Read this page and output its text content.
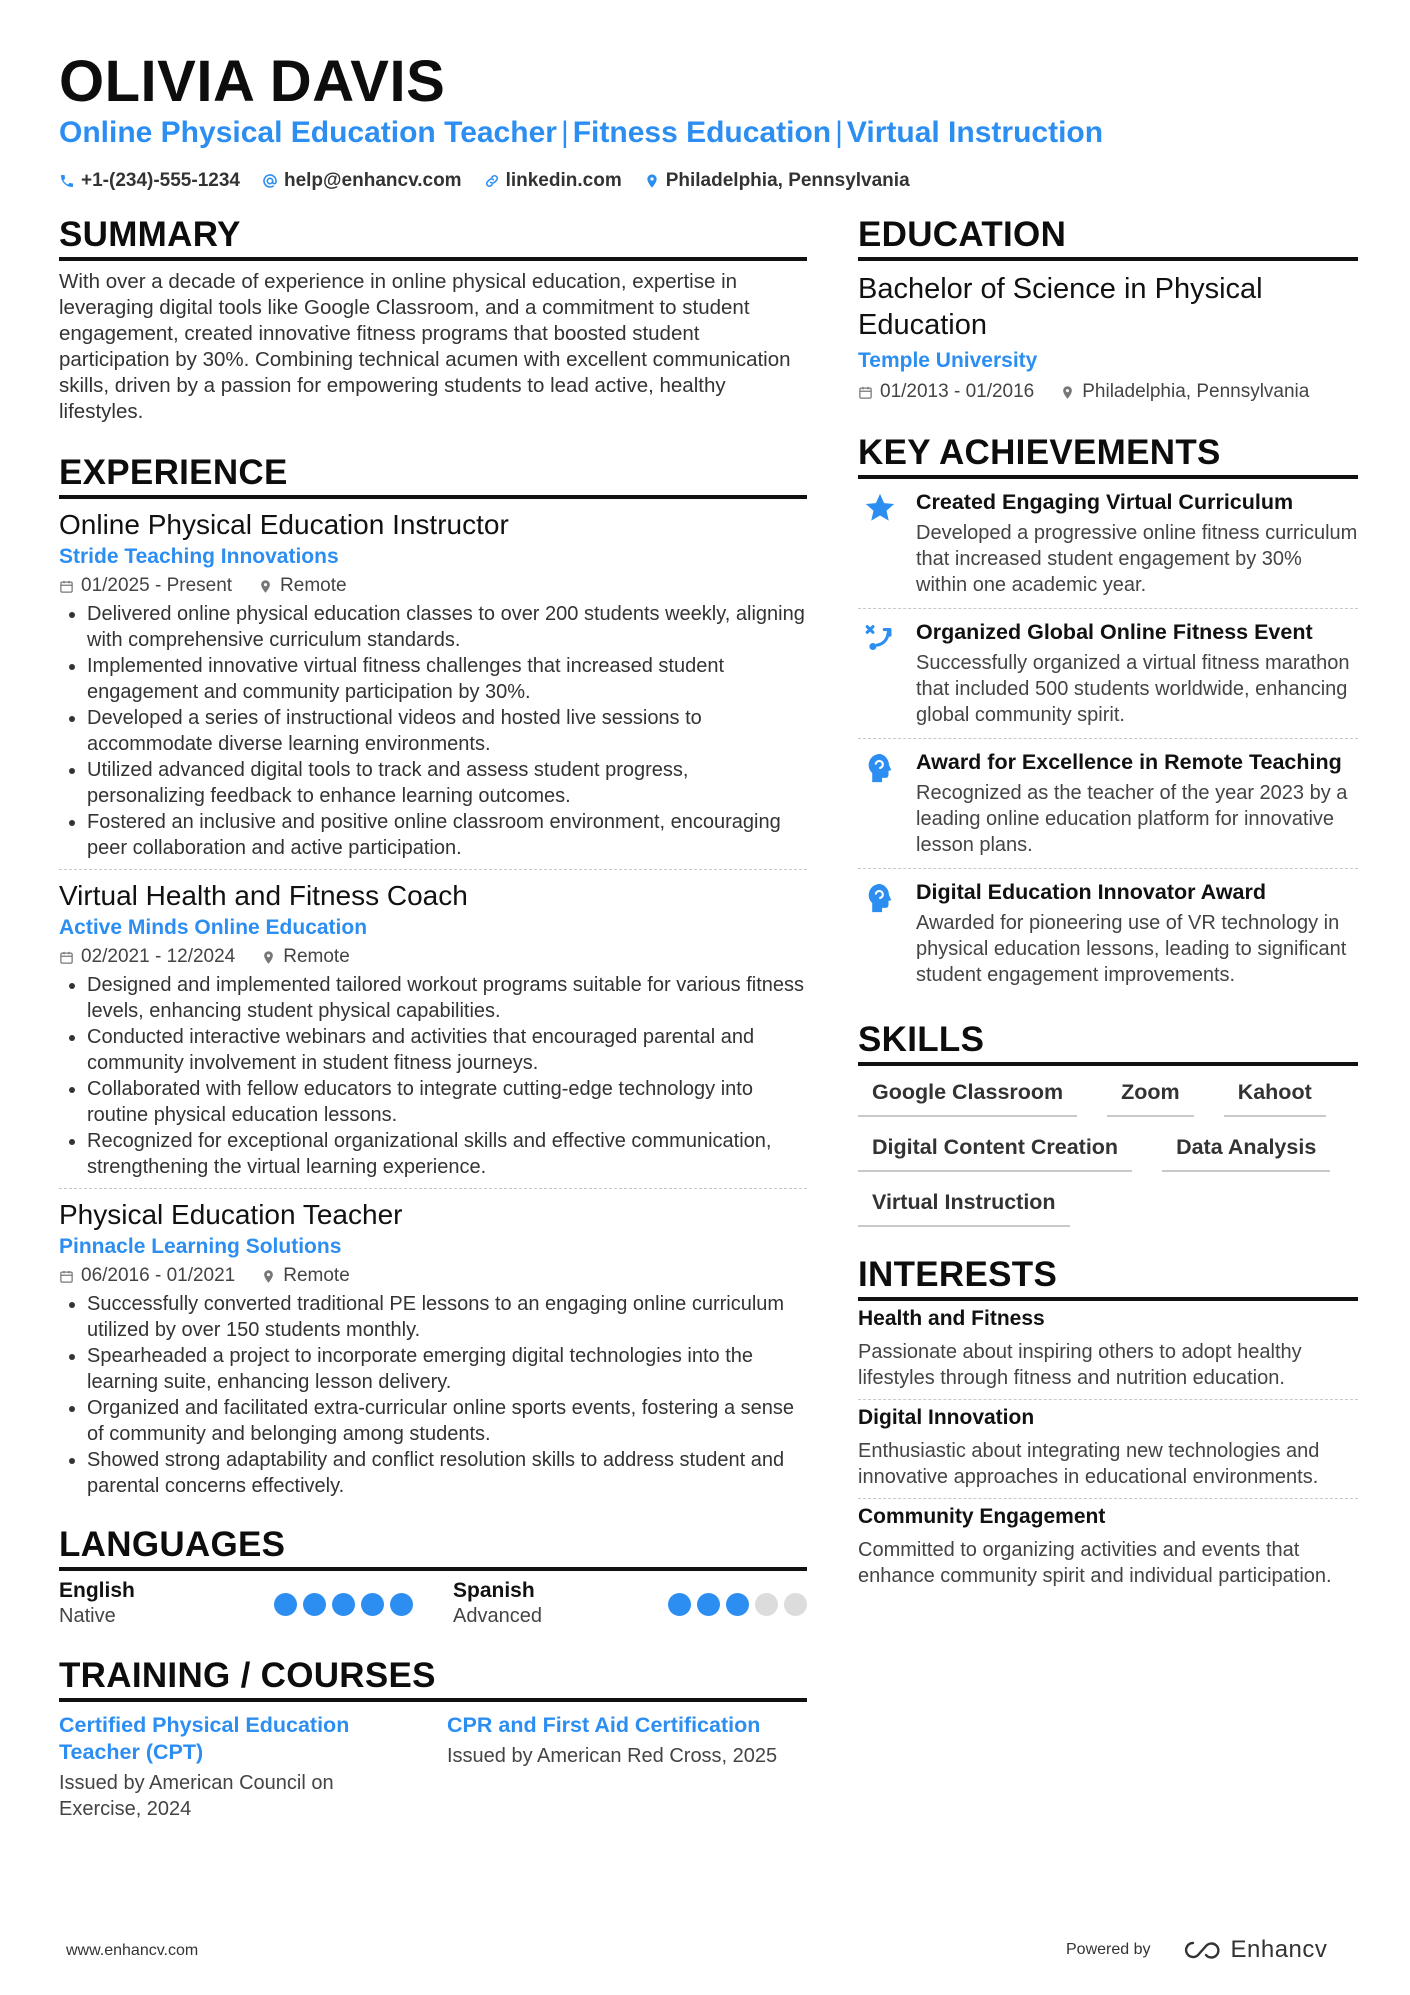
OLIVIA DAVIS
Online Physical Education Teacher | Fitness Education | Virtual Instruction
+1-(234)-555-1234 help@enhancv.com linkedin.com Philadelphia, Pennsylvania
SUMMARY

With over a decade of experience in online physical education, expertise in leveraging digital tools like Google Classroom, and a commitment to student engagement, created innovative fitness programs that boosted student participation by 30%. Combining technical acumen with excellent communication skills, driven by a passion for empowering students to lead active, healthy lifestyles.

EXPERIENCE
Online Physical Education Instructor
Stride Teaching Innovations
01/2025 - Present	Remote
• Delivered online physical education classes to over 200 students weekly, aligning with comprehensive curriculum standards.
• Implemented innovative virtual fitness challenges that increased student engagement and community participation by 30%.
• Developed a series of instructional videos and hosted live sessions to accommodate diverse learning environments.
• Utilized advanced digital tools to track and assess student progress, personalizing feedback to enhance learning outcomes.
• Fostered an inclusive and positive online classroom environment, encouraging peer collaboration and active participation.
Virtual Health and Fitness Coach
Active Minds Online Education
02/2021 - 12/2024	Remote
• Designed and implemented tailored workout programs suitable for various fitness levels, enhancing student physical capabilities.
• Conducted interactive webinars and activities that encouraged parental and community involvement in student fitness journeys.
• Collaborated with fellow educators to integrate cutting-edge technology into routine physical education lessons.
• Recognized for exceptional organizational skills and effective communication, strengthening the virtual learning experience.
Physical Education Teacher
Pinnacle Learning Solutions
06/2016 - 01/2021	Remote
• Successfully converted traditional PE lessons to an engaging online curriculum utilized by over 150 students monthly.
• Spearheaded a project to incorporate emerging digital technologies into the learning suite, enhancing lesson delivery.
• Organized and facilitated extra-curricular online sports events, fostering a sense of community and belonging among students.
• Showed strong adaptability and conflict resolution skills to address student and parental concerns effectively.
LANGUAGES
English
Native
Spanish
Advanced
TRAINING / COURSES
Certified Physical Education Teacher (CPT)
Issued by American Council on Exercise, 2024
CPR and First Aid Certification
Issued by American Red Cross, 2025
EDUCATION
Bachelor of Science in Physical Education
Temple University
01/2013 - 01/2016	Philadelphia, Pennsylvania
KEY ACHIEVEMENTS
Created Engaging Virtual Curriculum
Developed a progressive online fitness curriculum that increased student engagement by 30% within one academic year.
Organized Global Online Fitness Event
Successfully organized a virtual fitness marathon that included 500 students worldwide, enhancing global community spirit.
Award for Excellence in Remote Teaching
Recognized as the teacher of the year 2023 by a leading online education platform for innovative lesson plans.
Digital Education Innovator Award
Awarded for pioneering use of VR technology in physical education lessons, leading to significant student engagement improvements.
SKILLS
Google Classroom	Zoom	Kahoot
Digital Content Creation	Data Analysis
Virtual Instruction
INTERESTS
Health and Fitness
Passionate about inspiring others to adopt healthy lifestyles through fitness and nutrition education.
Digital Innovation
Enthusiastic about integrating new technologies and innovative approaches in educational environments.
Community Engagement
Committed to organizing activities and events that enhance community spirit and individual participation.
www.enhancv.com	Powered by	Enhancv
